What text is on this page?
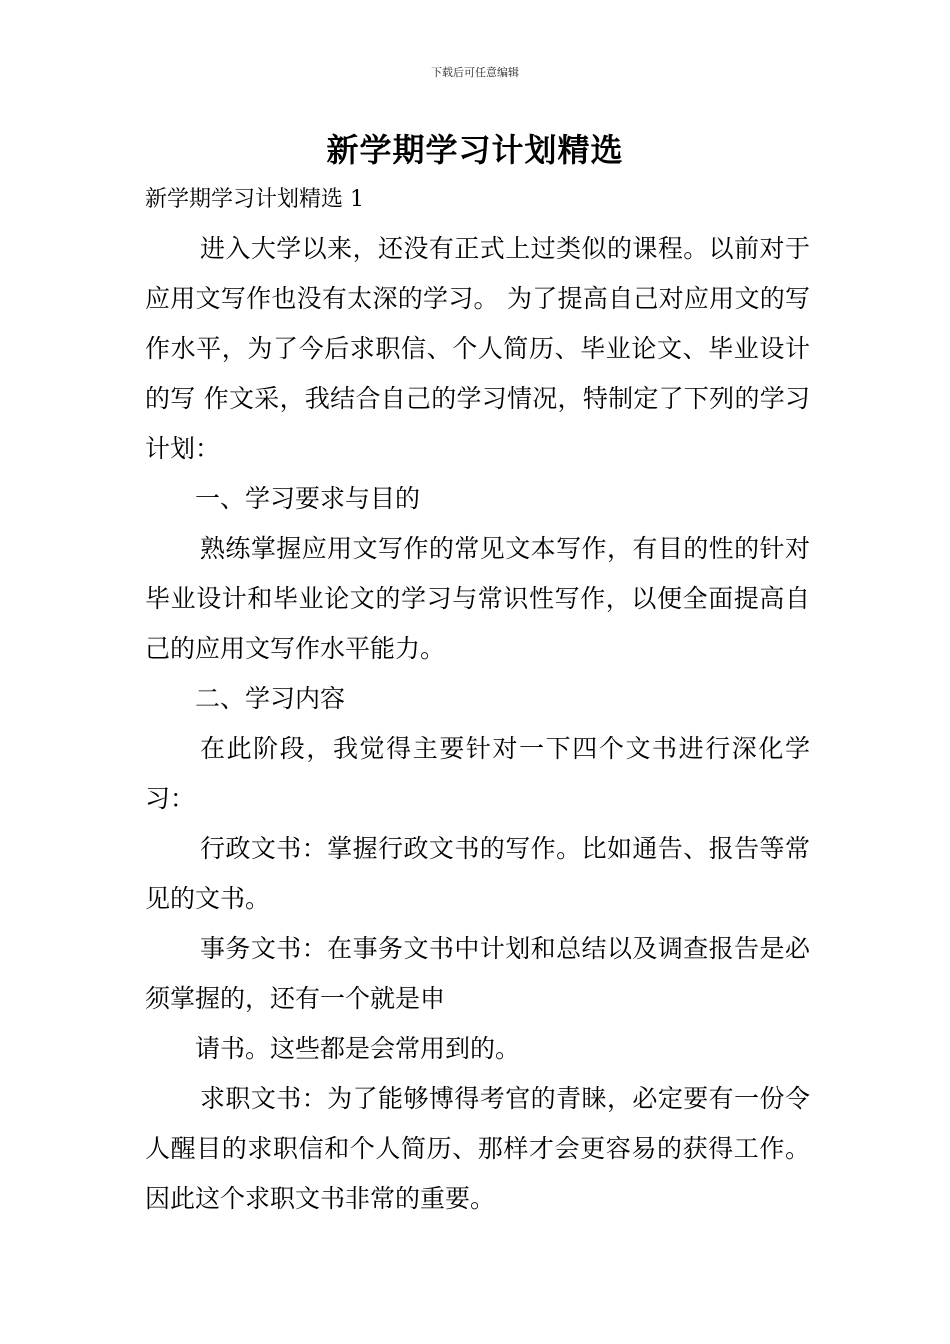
下载后可任意编辑
新学期学习计划精选
新学期学习计划精选 1

进入大学以来，还没有正式上过类似的课程。以前对于应用文写作也没有太深的学习。 为了提高自己对应用文的写作水平，为了今后求职信、个人简历、毕业论文、毕业设计的写 作文采，我结合自己的学习情况，特制定了下列的学习计划：

一、学习要求与目的

熟练掌握应用文写作的常见文本写作，有目的性的针对毕业设计和毕业论文的学习与常识性写作，以便全面提高自己的应用文写作水平能力。

二、学习内容

在此阶段，我觉得主要针对一下四个文书进行深化学习：

行政文书：掌握行政文书的写作。比如通告、报告等常见的文书。

事务文书：在事务文书中计划和总结以及调查报告是必须掌握的，还有一个就是申

请书。这些都是会常用到的。

求职文书：为了能够博得考官的青睐，必定要有一份令人醒目的求职信和个人简历、那样才会更容易的获得工作。因此这个求职文书非常的重要。
